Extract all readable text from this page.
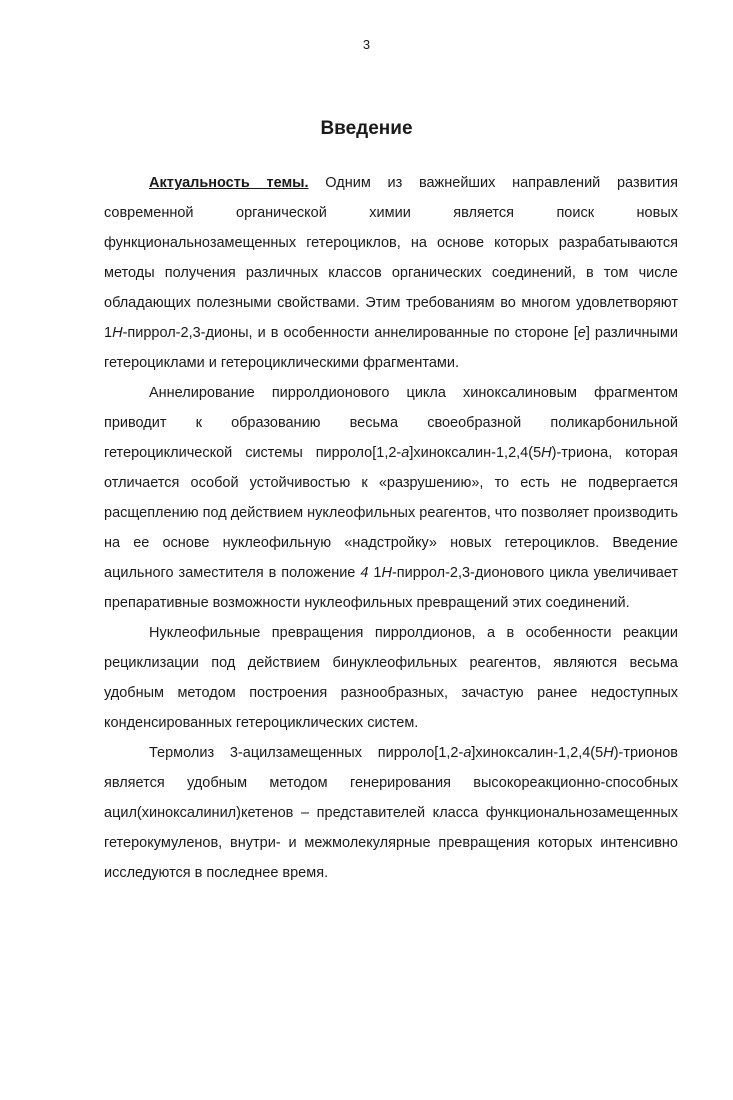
3
Введение

Актуальность темы. Одним из важнейших направлений развития современной органической химии является поиск новых функциональнозамещенных гетероциклов, на основе которых разрабатываются методы получения различных классов органических соединений, в том числе обладающих полезными свойствами. Этим требованиям во многом удовлетворяют 1Н-пиррол-2,3-дионы, и в особенности аннелированные по стороне [e] различными гетероциклами и гетероциклическими фрагментами.

Аннелирование пирролдионового цикла хиноксалиновым фрагментом приводит к образованию весьма своеобразной поликарбонильной гетероциклической системы пирроло[1,2-a]хиноксалин-1,2,4(5H)-триона, которая отличается особой устойчивостью к «разрушению», то есть не подвергается расщеплению под действием нуклеофильных реагентов, что позволяет производить на ее основе нуклеофильную «надстройку» новых гетероциклов. Введение ацильного заместителя в положение 4 1Н-пиррол-2,3-дионового цикла увеличивает препаративные возможности нуклеофильных превращений этих соединений.

Нуклеофильные превращения пирролдионов, а в особенности реакции рециклизации под действием бинуклеофильных реагентов, являются весьма удобным методом построения разнообразных, зачастую ранее недоступных конденсированных гетероциклических систем.

Термолиз 3-ацилзамещенных пирроло[1,2-a]хиноксалин-1,2,4(5H)-трионов является удобным методом генерирования высокореакционно-способных ацил(хиноксалинил)кетенов – представителей класса функциональнозамещенных гетерокумуленов, внутри- и межмолекулярные превращения которых интенсивно исследуются в последнее время.
